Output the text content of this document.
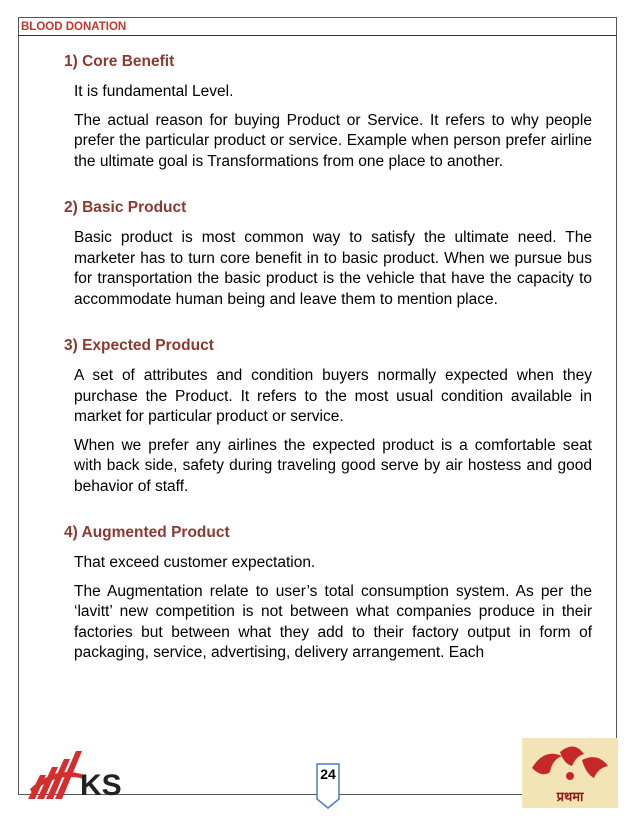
BLOOD DONATION
1) Core Benefit

It is fundamental Level.

The actual reason for buying Product or Service. It refers to why people prefer the particular product or service. Example when person prefer airline the ultimate goal is Transformations from one place to another.

2) Basic Product

Basic product is most common way to satisfy the ultimate need. The marketer has to turn core benefit in to basic product. When we pursue bus for transportation the basic product is the vehicle that have the capacity to accommodate human being and leave them to mention place.

3) Expected Product

A set of attributes and condition buyers normally expected when they purchase the Product. It refers to the most usual condition available in market for particular product or service.

When we prefer any airlines the expected product is a comfortable seat with back side, safety during traveling good serve by air hostess and good behavior of staff.

4) Augmented Product

That exceed customer expectation.

The Augmentation relate to user’s total consumption system. As per the ‘lavitt’ new competition is not between what companies produce in their factories but between what they add to their factory output in form of packaging, service, advertising, delivery arrangement. Each

KS	24
प्रथमा
